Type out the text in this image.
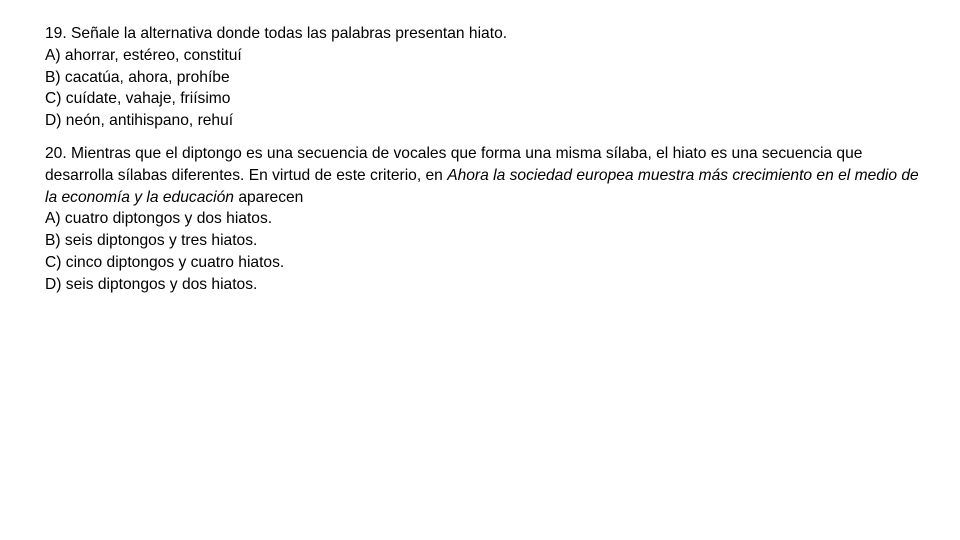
19. Señale la alternativa donde todas las palabras presentan hiato.
A) ahorrar, estéreo, constituí
B) cacatúa, ahora, prohíbe
C) cuídate, vahaje, friísimo
D) neón, antihispano, rehuí
20. Mientras que el diptongo es una secuencia de vocales que forma una misma sílaba, el hiato es una secuencia que desarrolla sílabas diferentes. En virtud de este criterio, en Ahora la sociedad europea muestra más crecimiento en el medio de la economía y la educación aparecen
A) cuatro diptongos y dos hiatos.
B) seis diptongos y tres hiatos.
C) cinco diptongos y cuatro hiatos.
D) seis diptongos y dos hiatos.
